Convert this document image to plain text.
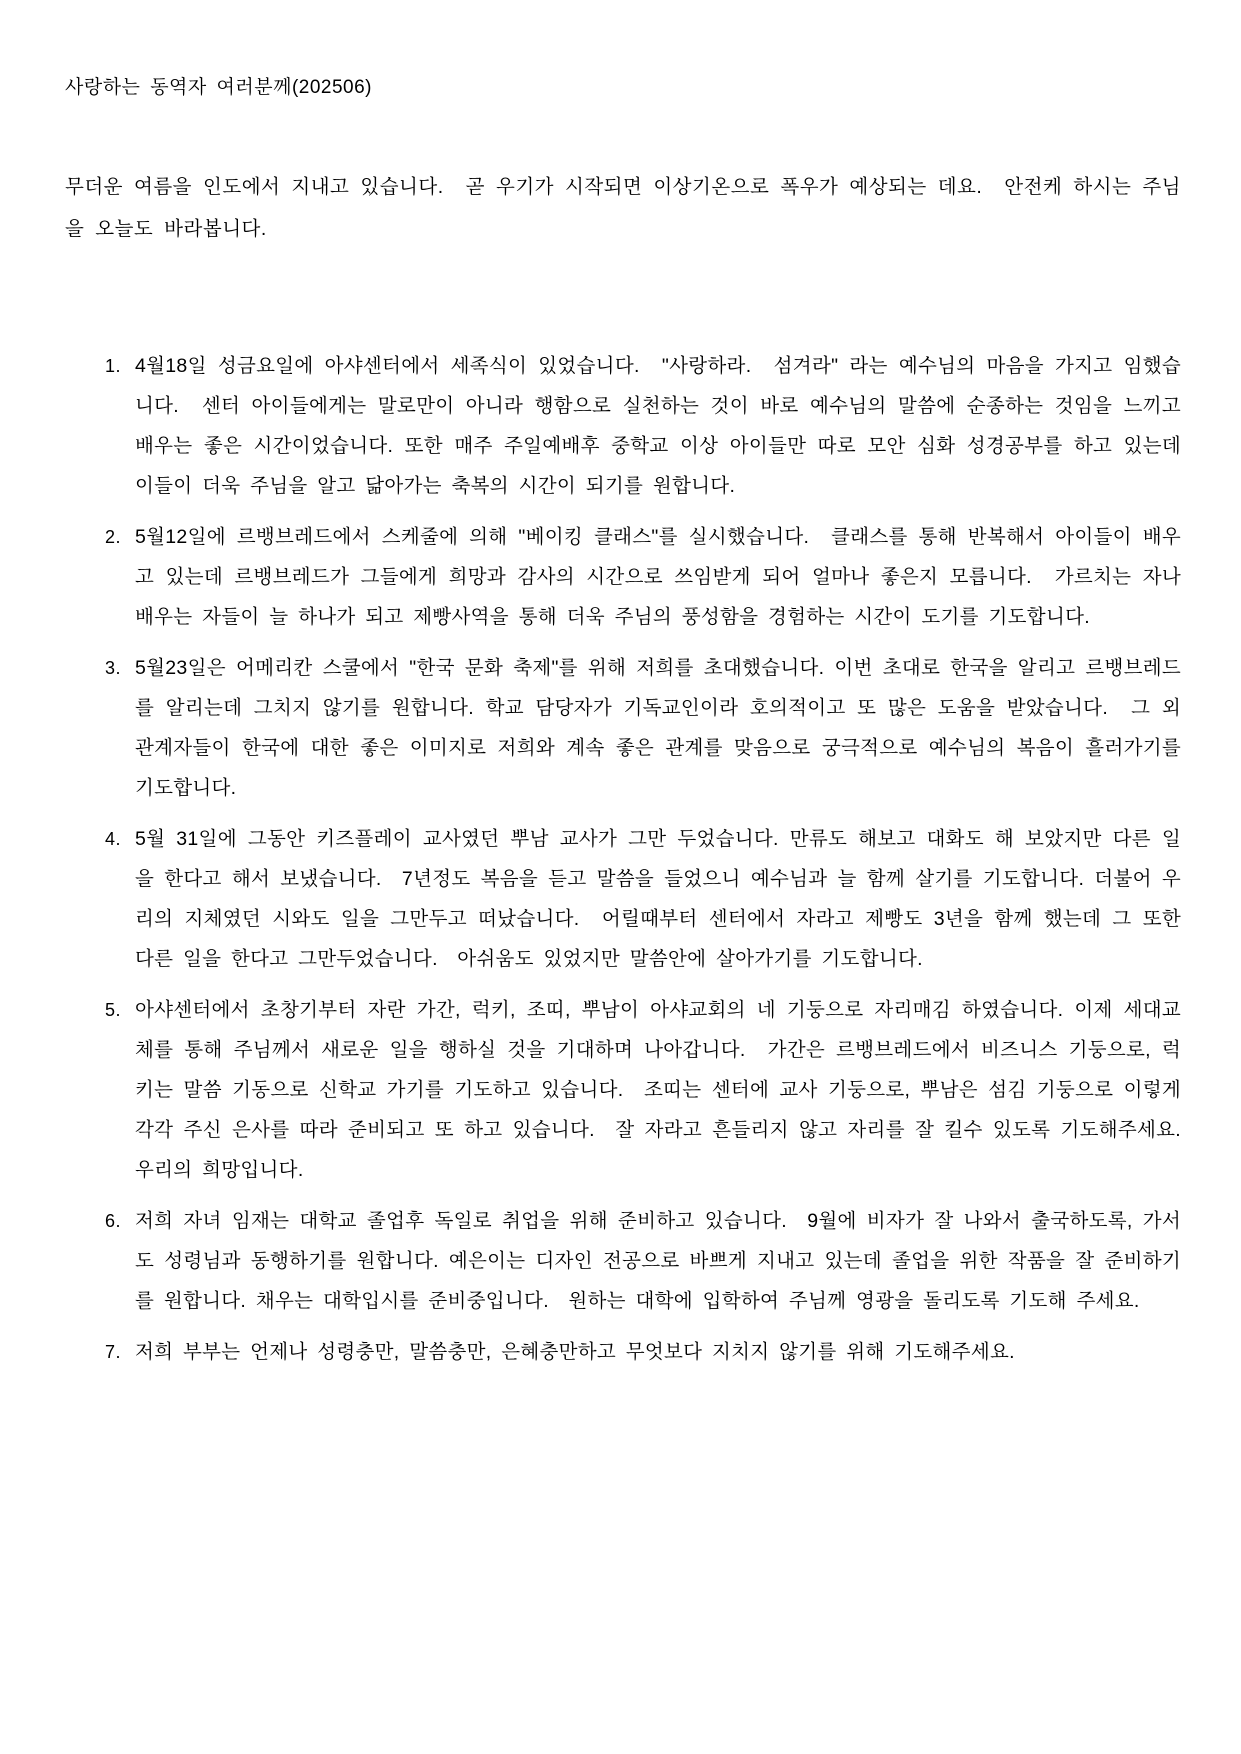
사랑하는 동역자 여러분께(202506)
무더운 여름을 인도에서 지내고 있습니다.  곧 우기가 시작되면 이상기온으로 폭우가 예상되는 데요.  안전케 하시는 주님을 오늘도 바라봅니다.
1. 4월18일 성금요일에 아샤센터에서 세족식이 있었습니다.  "사랑하라.  섬겨라" 라는 예수님의 마음을 가지고 임했습니다.  센터 아이들에게는 말로만이 아니라 행함으로 실천하는 것이 바로 예수님의 말씀에 순종하는 것임을 느끼고 배우는 좋은 시간이었습니다. 또한 매주 주일예배후 중학교 이상 아이들만 따로 모안 심화 성경공부를 하고 있는데 이들이 더욱 주님을 알고 닮아가는 축복의 시간이 되기를 원합니다.
2. 5월12일에 르뱅브레드에서 스케줄에 의해 "베이킹 클래스"를 실시했습니다.  클래스를 통해 반복해서 아이들이 배우고 있는데 르뱅브레드가 그들에게 희망과 감사의 시간으로 쓰임받게 되어 얼마나 좋은지 모릅니다.  가르치는 자나 배우는 자들이 늘 하나가 되고 제빵사역을 통해 더욱 주님의 풍성함을 경험하는 시간이 도기를 기도합니다.
3. 5월23일은 어메리칸 스쿨에서 "한국 문화 축제"를 위해 저희를 초대했습니다. 이번 초대로 한국을 알리고 르뱅브레드를 알리는데 그치지 않기를 원합니다. 학교 담당자가 기독교인이라 호의적이고 또 많은 도움을 받았습니다.  그 외 관계자들이 한국에 대한 좋은 이미지로 저희와 계속 좋은 관계를 맞음으로 궁극적으로 예수님의 복음이 흘러가기를 기도합니다.
4. 5월 31일에 그동안 키즈플레이 교사였던 뿌남 교사가 그만 두었습니다. 만류도 해보고 대화도 해 보았지만 다른 일을 한다고 해서 보냈습니다.  7년정도 복음을 듣고 말씀을 들었으니 예수님과 늘 함께 살기를 기도합니다. 더불어 우리의 지체였던 시와도 일을 그만두고 떠났습니다.  어릴때부터 센터에서 자라고 제빵도 3년을 함께 했는데 그 또한 다른 일을 한다고 그만두었습니다.  아쉬움도 있었지만 말씀안에 살아가기를 기도합니다.
5. 아샤센터에서 초창기부터 자란 가간, 럭키, 조띠, 뿌남이 아샤교회의 네 기둥으로 자리매김 하였습니다. 이제 세대교체를 통해 주님께서 새로운 일을 행하실 것을 기대하며 나아갑니다.  가간은 르뱅브레드에서 비즈니스 기둥으로, 럭키는 말씀 기동으로 신학교 가기를 기도하고 있습니다.  조띠는 센터에 교사 기둥으로, 뿌남은 섬김 기둥으로 이렇게 각각 주신 은사를 따라 준비되고 또 하고 있습니다.  잘 자라고 흔들리지 않고 자리를 잘 킬수 있도록 기도해주세요. 우리의 희망입니다.
6. 저희 자녀 임재는 대학교 졸업후 독일로 취업을 위해 준비하고 있습니다.  9월에 비자가 잘 나와서 출국하도록, 가서도 성령님과 동행하기를 원합니다. 예은이는 디자인 전공으로 바쁘게 지내고 있는데 졸업을 위한 작품을 잘 준비하기를 원합니다. 채우는 대학입시를 준비중입니다.  원하는 대학에 입학하여 주님께 영광을 돌리도록 기도해 주세요.
7. 저희 부부는 언제나 성령충만, 말씀충만, 은혜충만하고 무엇보다 지치지 않기를 위해 기도해주세요.
